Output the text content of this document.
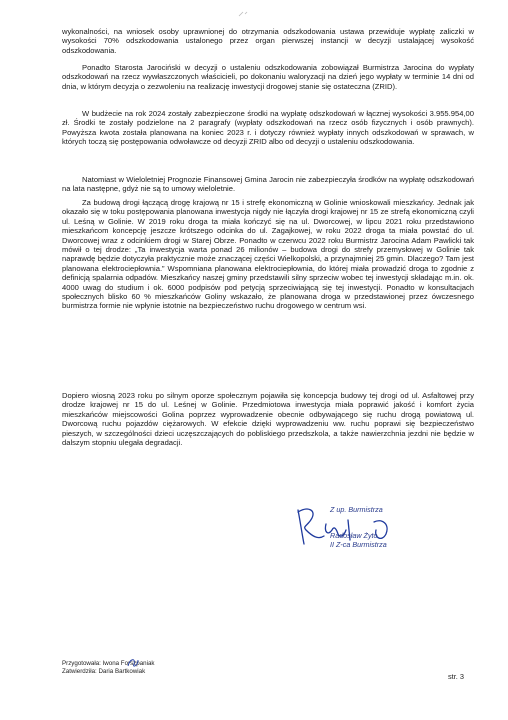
wykonalności, na wniosek osoby uprawnionej do otrzymania odszkodowania ustawa przewiduje wypłatę zaliczki w wysokości 70% odszkodowania ustalonego przez organ pierwszej instancji w decyzji ustalającej wysokość odszkodowania.

Ponadto Starosta Jarociński w decyzji o ustaleniu odszkodowania zobowiązał Burmistrza Jarocina do wypłaty odszkodowań na rzecz wywłaszczonych właścicieli, po dokonaniu waloryzacji na dzień jego wypłaty w terminie 14 dni od dnia, w którym decyzja o zezwoleniu na realizację inwestycji drogowej stanie się ostateczna (ZRID).

W budżecie na rok 2024 zostały zabezpieczone środki na wypłatę odszkodowań w łącznej wysokości 3.955.954,00 zł. Środki te zostały podzielone na 2 paragrafy (wypłaty odszkodowań na rzecz osób fizycznych i osób prawnych). Powyższa kwota została planowana na koniec 2023 r. i dotyczy również wypłaty innych odszkodowań w sprawach, w których toczą się postępowania odwoławcze od decyzji ZRID albo od decyzji o ustaleniu odszkodowania.

Natomiast w Wieloletniej Prognozie Finansowej Gmina Jarocin nie zabezpieczyła środków na wypłatę odszkodowań na lata następne, gdyż nie są to umowy wieloletnie.

Za budową drogi łączącą drogę krajową nr 15 i strefę ekonomiczną w Golinie wnioskowali mieszkańcy. Jednak jak okazało się w toku postępowania planowana inwestycja nigdy nie łączyła drogi krajowej nr 15 ze strefą ekonomiczną czyli ul. Leśną w Golinie. W 2019 roku droga ta miała kończyć się na ul. Dworcowej, w lipcu 2021 roku przedstawiono mieszkańcom koncepcję jeszcze krótszego odcinka do ul. Zagajkowej, w roku 2022 droga ta miała powstać do ul. Dworcowej wraz z odcinkiem drogi w Starej Obrze. Ponadto w czerwcu 2022 roku Burmistrz Jarocina Adam Pawlicki tak mówił o tej drodze: „Ta inwestycja warta ponad 26 milionów – budowa drogi do strefy przemysłowej w Golinie tak naprawdę będzie dotyczyła praktycznie może znaczącej części Wielkopolski, a przynajmniej 25 gmin. Dlaczego? Tam jest planowana elektrociepłownia.” Wspomniana planowana elektrociepłownia, do której miała prowadzić droga to zgodnie z definicją spalarnia odpadów. Mieszkańcy naszej gminy przedstawili silny sprzeciw wobec tej inwestycji składając m.in. ok. 4000 uwag do studium i ok. 6000 podpisów pod petycją sprzeciwiającą się tej inwestycji. Ponadto w konsultacjach społecznych blisko 60 % mieszkańców Goliny wskazało, że planowana droga w przedstawionej przez ówczesnego burmistrza formie nie wpłynie istotnie na bezpieczeństwo ruchu drogowego w centrum wsi.

Dopiero wiosną 2023 roku po silnym oporze społecznym pojawiła się koncepcja budowy tej drogi od ul. Asfaltowej przy drodze krajowej nr 15 do ul. Leśnej w Golinie. Przedmiotowa inwestycja miała poprawić jakość i komfort życia mieszkańców miejscowości Golina poprzez wyprowadzenie obecnie odbywającego się ruchu drogą powiatową ul. Dworcową ruchu pojazdów ciężarowych. W efekcie dzięki wyprowadzeniu ww. ruchu poprawi się bezpieczeństwo pieszych, w szczególności dzieci uczęszczających do pobliskiego przedszkola, a także nawierzchnia jezdni nie będzie w dalszym stopniu ulegała degradacji.

Z up. Burmistrza
Radosław Żyto
II Z-ca Burmistrza
Przygotowała: Iwona Forszpaniak
Zatwierdziła: Daria Bartkowiak
str. 3
